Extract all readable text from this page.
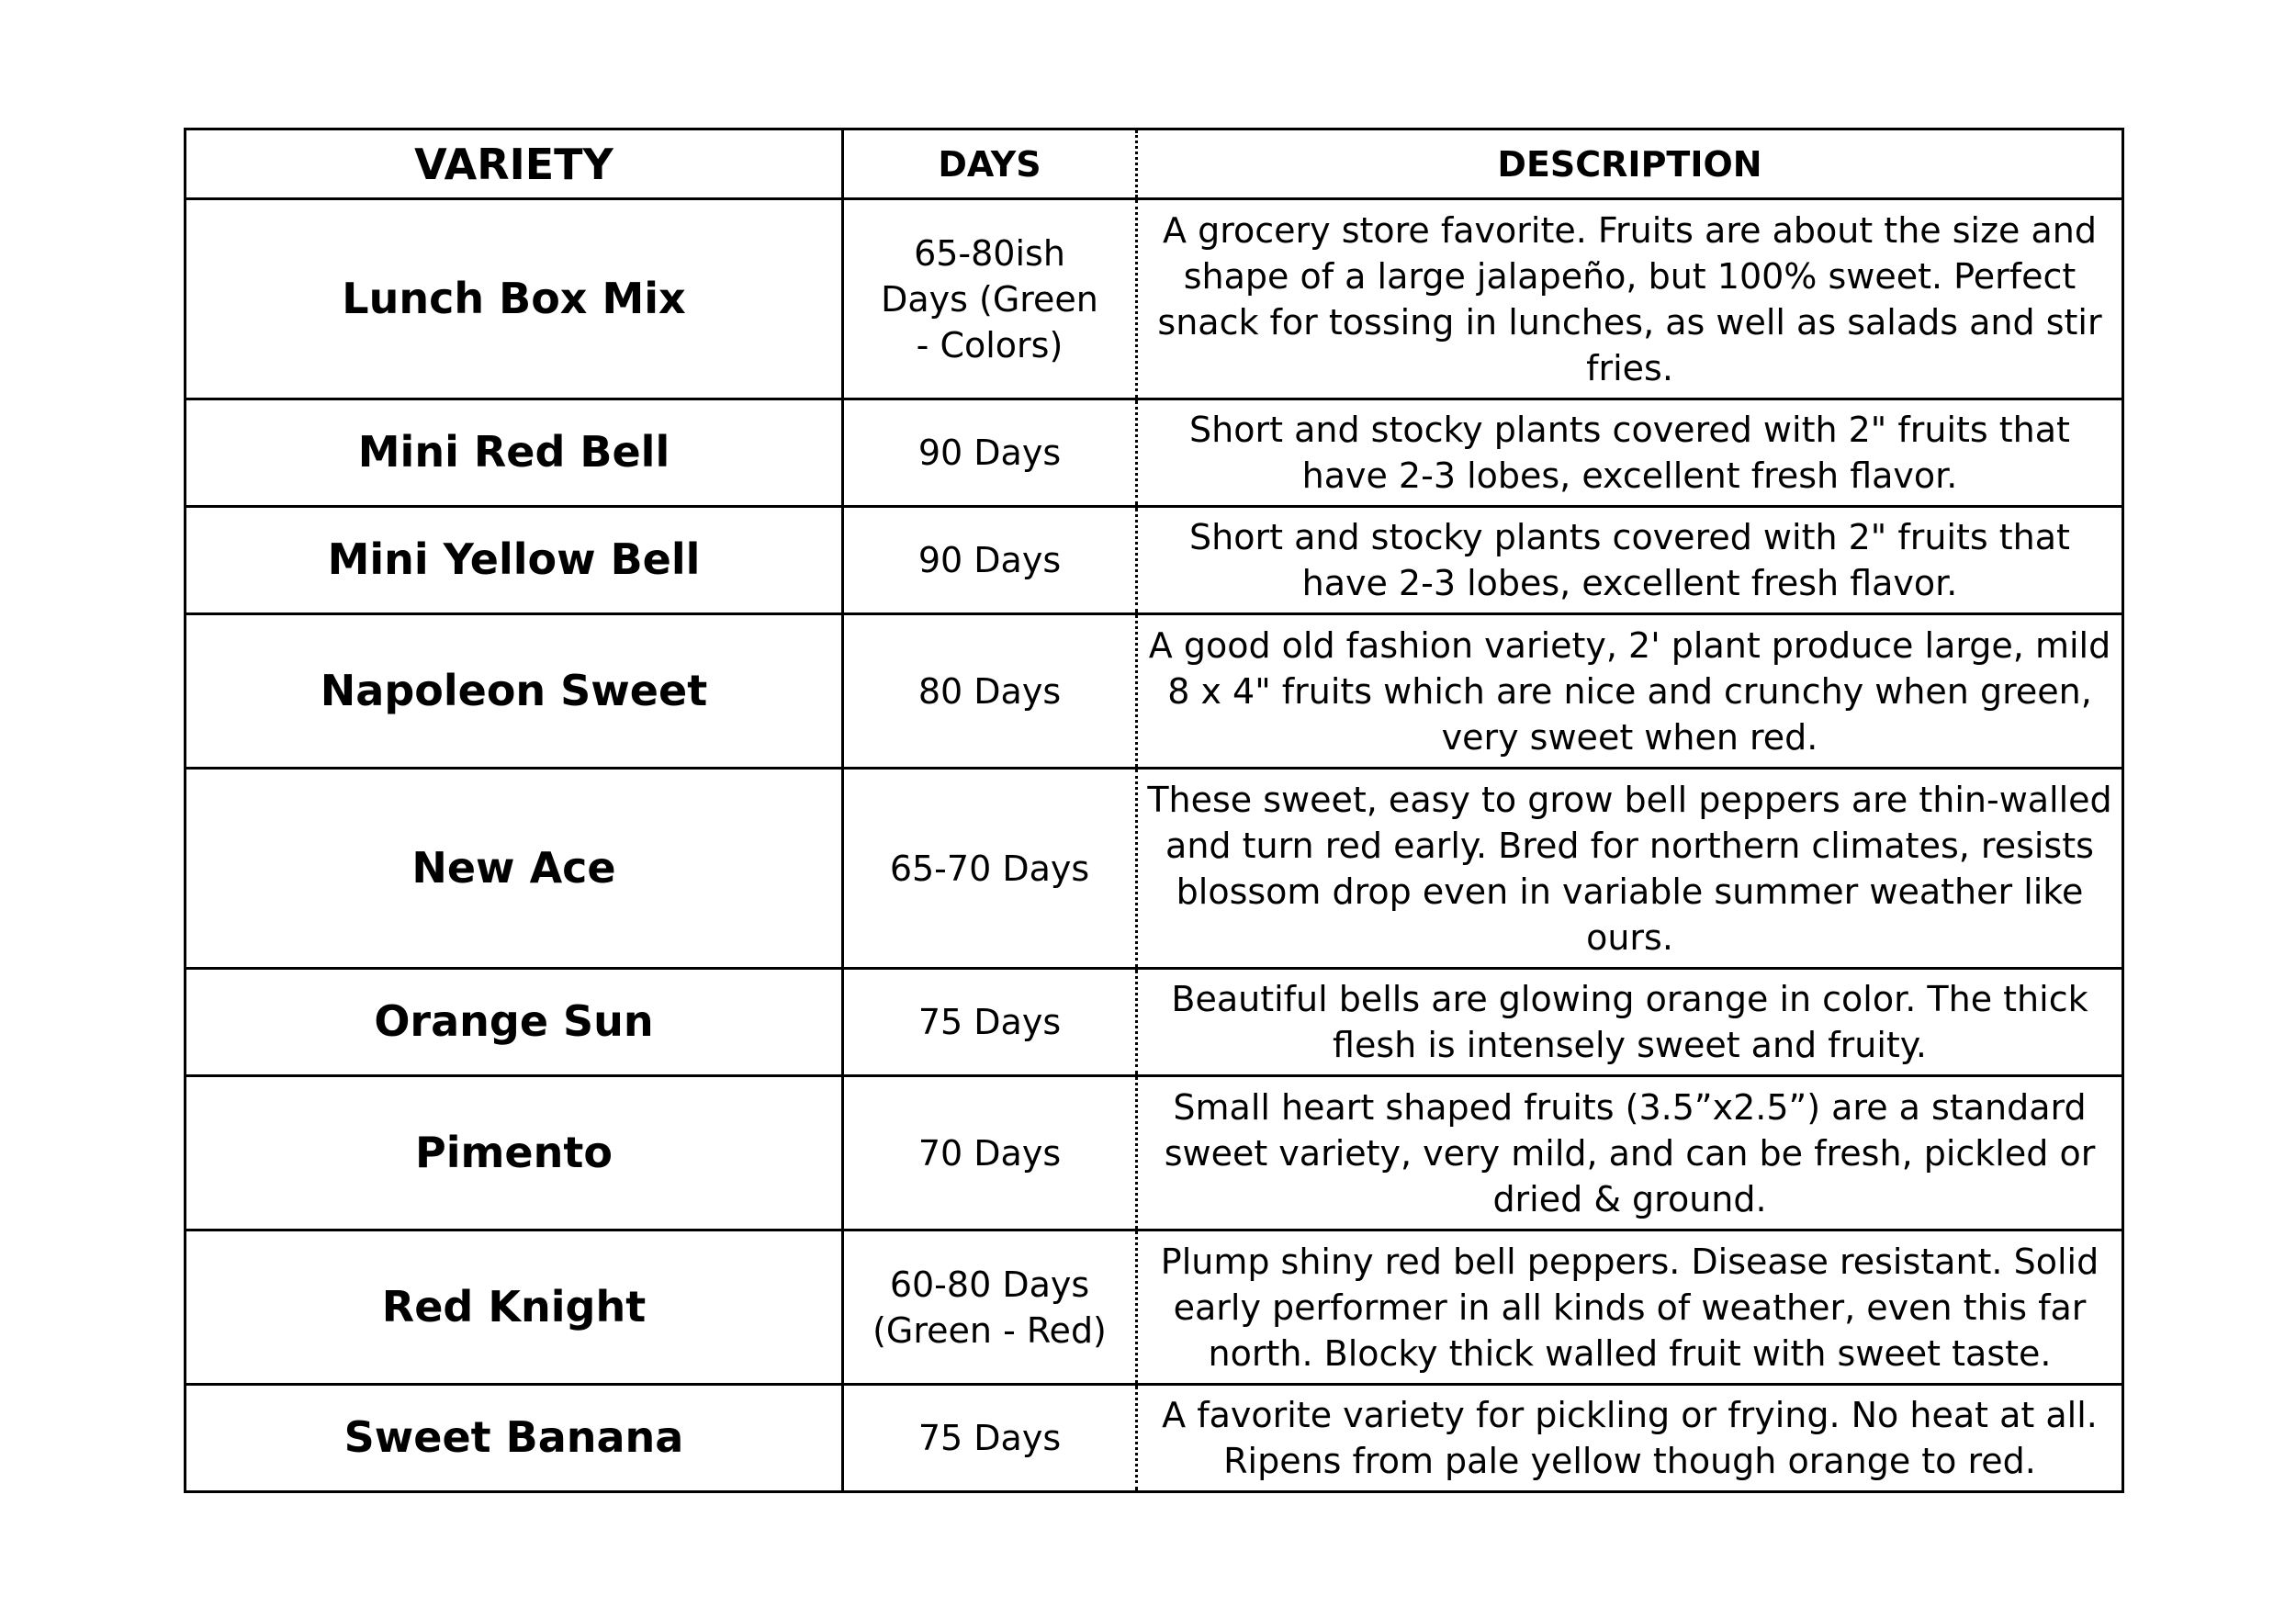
VARIETY	DAYS	DESCRIPTION
Lunch Box Mix	65-80ish Days (Green - Colors)	A grocery store favorite. Fruits are about the size and shape of a large jalapeño, but 100% sweet. Perfect snack for tossing in lunches, as well as salads and stir fries.
Mini Red Bell	90 Days	Short and stocky plants covered with 2" fruits that have 2-3 lobes, excellent fresh flavor.
Mini Yellow Bell	90 Days	Short and stocky plants covered with 2" fruits that have 2-3 lobes, excellent fresh flavor.
Napoleon Sweet	80 Days	A good old fashion variety, 2' plant produce large, mild 8 x 4" fruits which are nice and crunchy when green, very sweet when red.
New Ace	65-70 Days	These sweet, easy to grow bell peppers are thin-walled and turn red early. Bred for northern climates, resists blossom drop even in variable summer weather like ours.
Orange Sun	75 Days	Beautiful bells are glowing orange in color. The thick flesh is intensely sweet and fruity.
Pimento	70 Days	Small heart shaped fruits (3.5”x2.5”) are a standard sweet variety, very mild, and can be fresh, pickled or dried & ground.
Red Knight	60-80 Days (Green - Red)	Plump shiny red bell peppers. Disease resistant. Solid early performer in all kinds of weather, even this far north. Blocky thick walled fruit with sweet taste.
Sweet Banana	75 Days	A favorite variety for pickling or frying. No heat at all. Ripens from pale yellow though orange to red.
